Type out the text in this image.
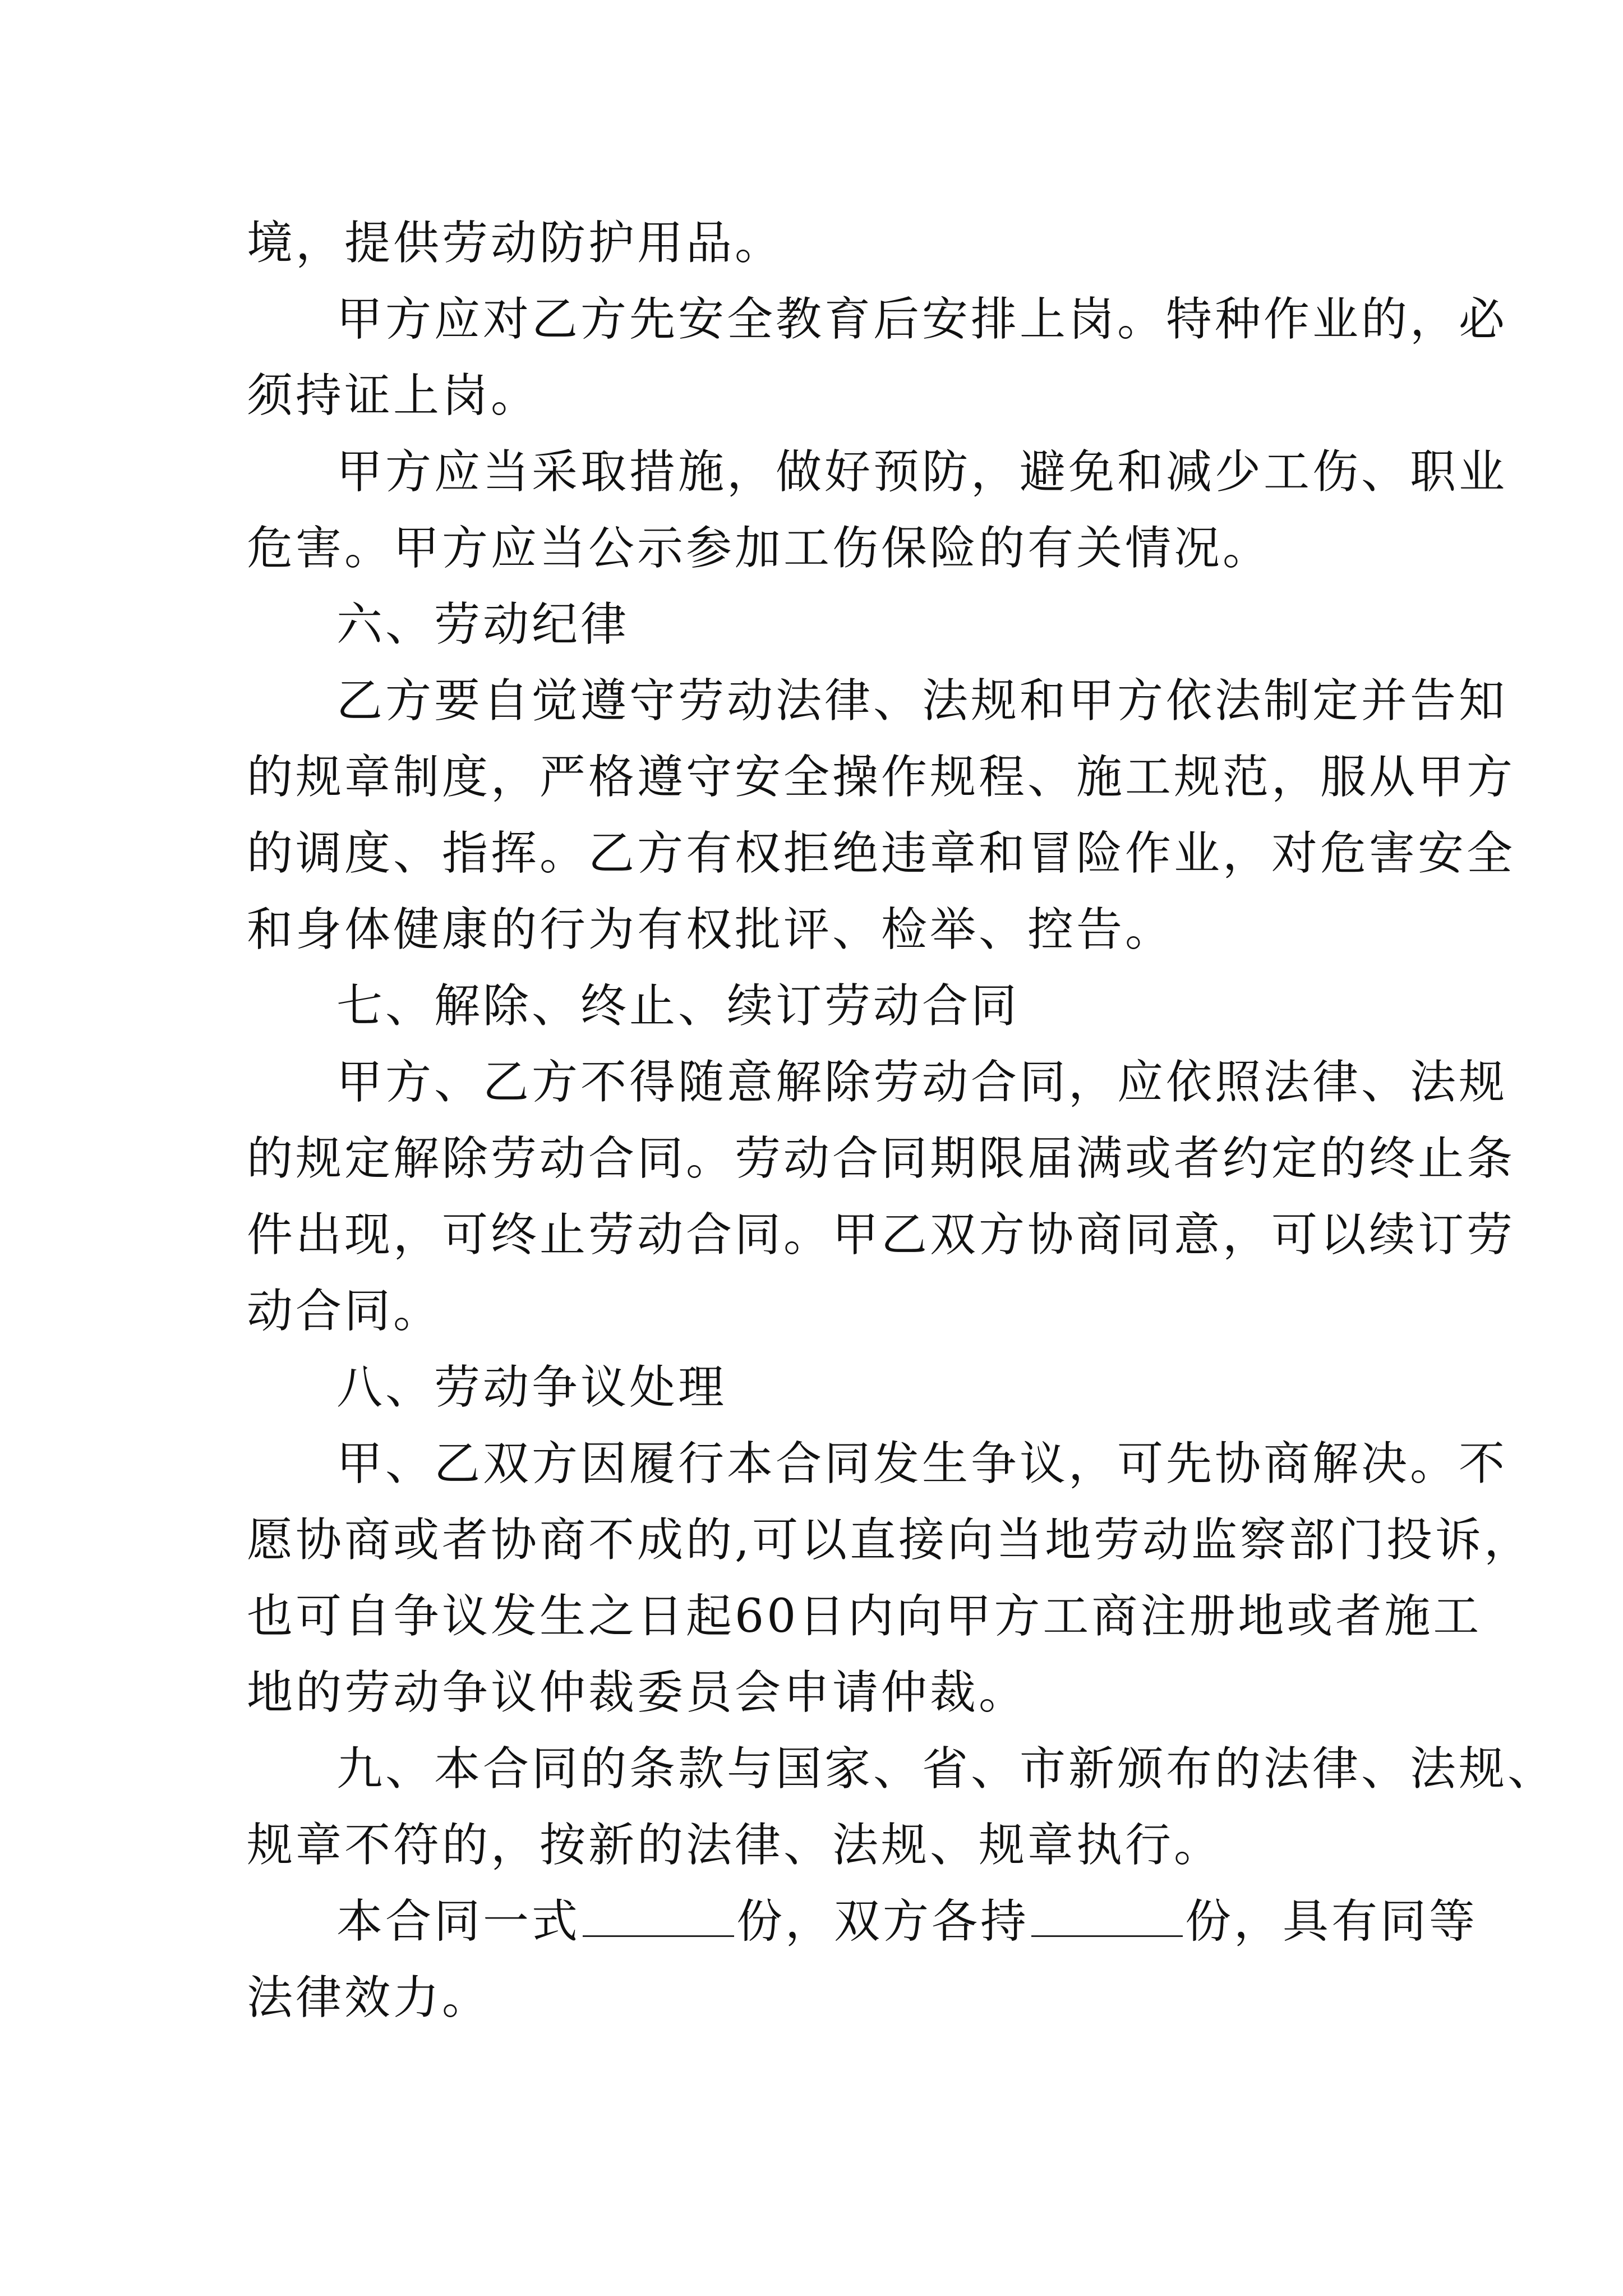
境，提供劳动防护用品。
甲方应对乙方先安全教育后安排上岗。特种作业的，必
须持证上岗。
甲方应当采取措施，做好预防，避免和减少工伤、职业
危害。甲方应当公示参加工伤保险的有关情况。
六、劳动纪律
乙方要自觉遵守劳动法律、法规和甲方依法制定并告知
的规章制度，严格遵守安全操作规程、施工规范，服从甲方
的调度、指挥。乙方有权拒绝违章和冒险作业，对危害安全
和身体健康的行为有权批评、检举、控告。
七、解除、终止、续订劳动合同
甲方、乙方不得随意解除劳动合同，应依照法律、法规
的规定解除劳动合同。劳动合同期限届满或者约定的终止条
件出现，可终止劳动合同。甲乙双方协商同意，可以续订劳
动合同。
八、劳动争议处理
甲、乙双方因履行本合同发生争议，可先协商解决。不
愿协商或者协商不成的,可以直接向当地劳动监察部门投诉，
也可自争议发生之日起60日内向甲方工商注册地或者施工
地的劳动争议仲裁委员会申请仲裁。
九、本合同的条款与国家、省、市新颁布的法律、法规、
规章不符的，按新的法律、法规、规章执行。
本合同一式	份，双方各持	份，具有同等
法律效力。
